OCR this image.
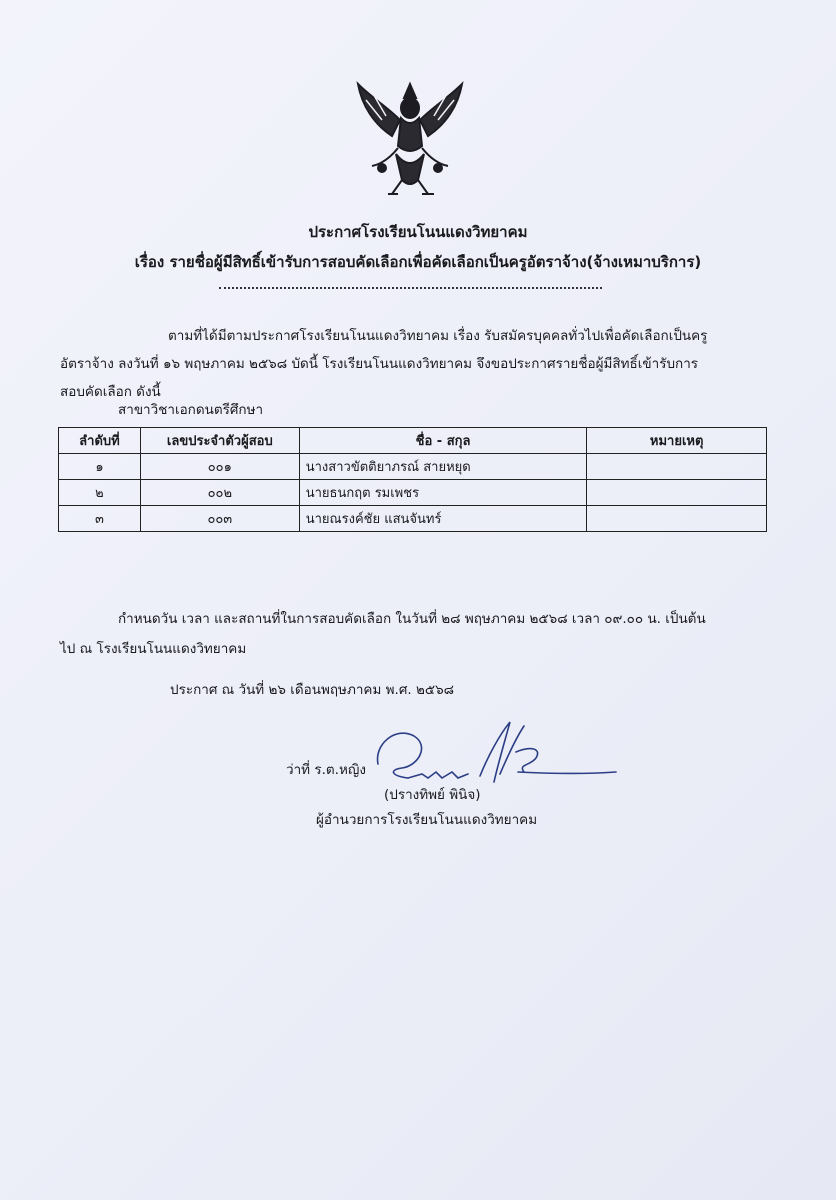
ประกาศโรงเรียนโนนแดงวิทยาคม
เรื่อง รายชื่อผู้มีสิทธิ์เข้ารับการสอบคัดเลือกเพื่อคัดเลือกเป็นครูอัตราจ้าง(จ้างเหมาบริการ)
ตามที่ได้มีตามประกาศโรงเรียนโนนแดงวิทยาคม เรื่อง รับสมัครบุคคลทั่วไปเพื่อคัดเลือกเป็นครู
อัตราจ้าง ลงวันที่ ๑๖ พฤษภาคม ๒๕๖๘ บัดนี้ โรงเรียนโนนแดงวิทยาคม จึงขอประกาศรายชื่อผู้มีสิทธิ์เข้ารับการ
สอบคัดเลือก ดังนี้
สาขาวิชาเอกดนตรีศึกษา
ลำดับที่	เลขประจำตัวผู้สอบ	ชื่อ - สกุล	หมายเหตุ
๑	๐๐๑	นางสาวขัตติยาภรณ์ สายหยุด	
๒	๐๐๒	นายธนกฤต รมเพชร	
๓	๐๐๓	นายณรงค์ชัย แสนจันทร์	
กำหนดวัน เวลา และสถานที่ในการสอบคัดเลือก ในวันที่ ๒๘ พฤษภาคม ๒๕๖๘ เวลา ๐๙.๐๐ น. เป็นต้น
ไป ณ โรงเรียนโนนแดงวิทยาคม
ประกาศ ณ วันที่ ๒๖ เดือนพฤษภาคม พ.ศ. ๒๕๖๘
ว่าที่ ร.ต.หญิง
(ปรางทิพย์ พินิจ)
ผู้อำนวยการโรงเรียนโนนแดงวิทยาคม
